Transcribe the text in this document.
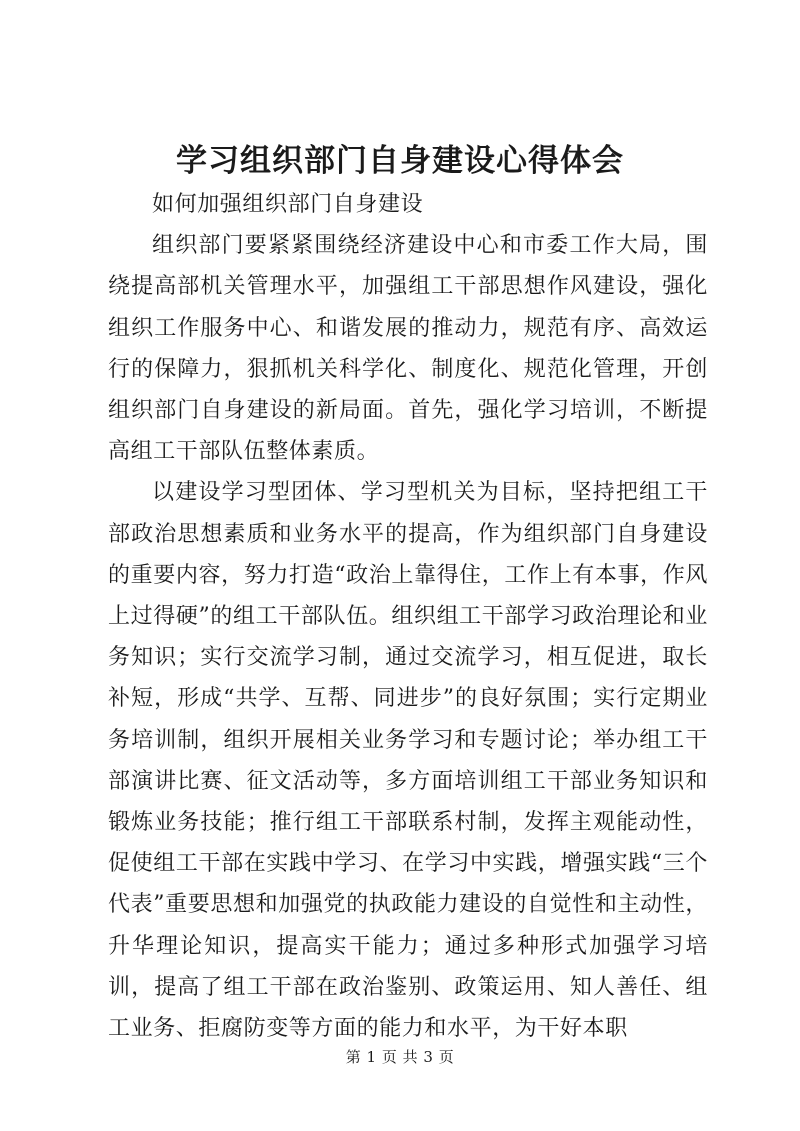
学习组织部门自身建设心得体会

如何加强组织部门自身建设

组织部门要紧紧围绕经济建设中心和市委工作大局，围绕提高部机关管理水平，加强组工干部思想作风建设，强化组织工作服务中心、和谐发展的推动力，规范有序、高效运行的保障力，狠抓机关科学化、制度化、规范化管理，开创组织部门自身建设的新局面。首先，强化学习培训，不断提高组工干部队伍整体素质。

以建设学习型团体、学习型机关为目标，坚持把组工干部政治思想素质和业务水平的提高，作为组织部门自身建设的重要内容，努力打造“政治上靠得住，工作上有本事，作风上过得硬”的组工干部队伍。组织组工干部学习政治理论和业务知识；实行交流学习制，通过交流学习，相互促进，取长补短，形成“共学、互帮、同进步”的良好氛围；实行定期业务培训制，组织开展相关业务学习和专题讨论；举办组工干部演讲比赛、征文活动等，多方面培训组工干部业务知识和锻炼业务技能；推行组工干部联系村制，发挥主观能动性，促使组工干部在实践中学习、在学习中实践，增强实践“三个代表”重要思想和加强党的执政能力建设的自觉性和主动性，升华理论知识，提高实干能力；通过多种形式加强学习培训，提高了组工干部在政治鉴别、政策运用、知人善任、组工业务、拒腐防变等方面的能力和水平，为干好本职

第 1 页 共 3 页
